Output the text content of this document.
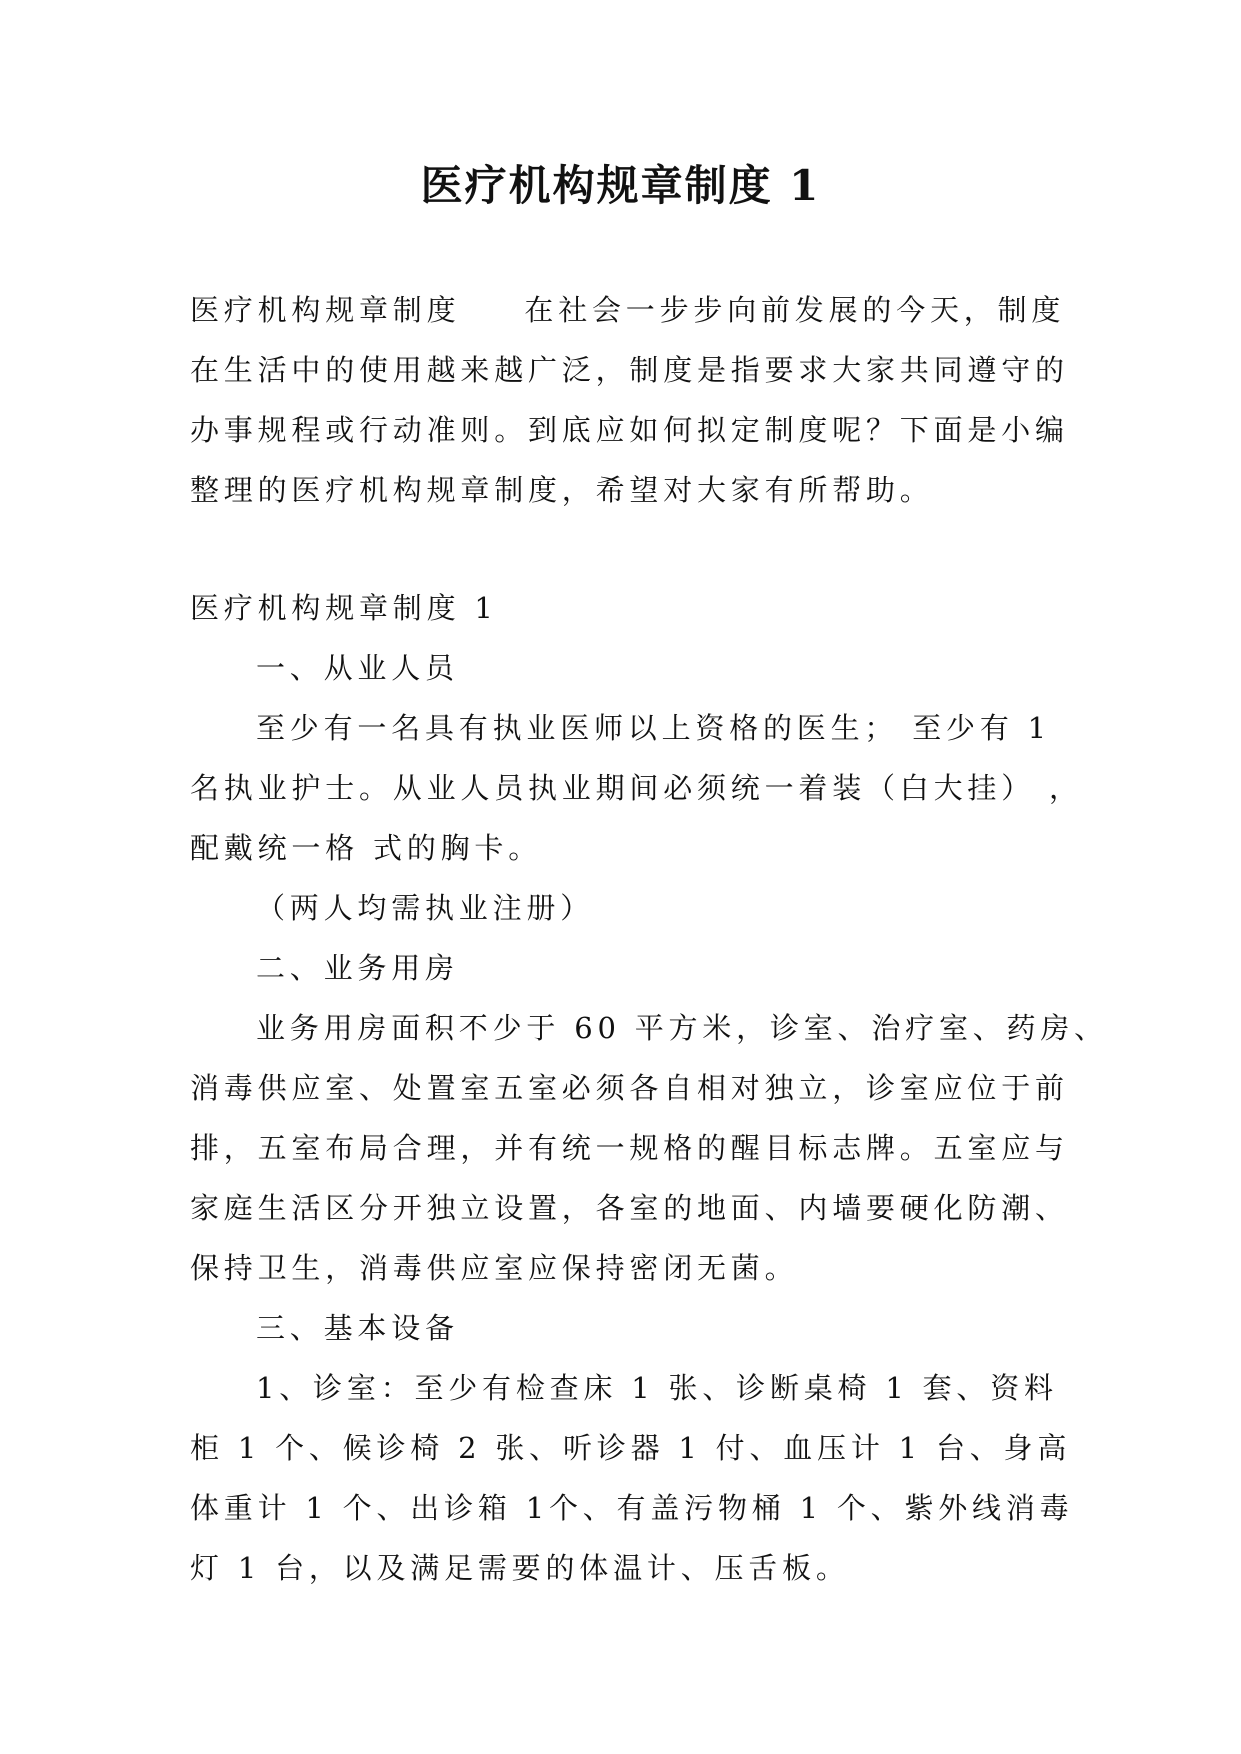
医疗机构规章制度 1
医疗机构规章制度 在社会一步步向前发展的今天，制度
在生活中的使用越来越广泛，制度是指要求大家共同遵守的
办事规程或行动准则。到底应如何拟定制度呢？下面是小编
整理的医疗机构规章制度，希望对大家有所帮助。
医疗机构规章制度 1
一、从业人员
至少有一名具有执业医师以上资格的医生； 至少有 1
名执业护士。从业人员执业期间必须统一着装（白大挂） ，
配戴统一格 式的胸卡。
（两人均需执业注册）
二、业务用房
业务用房面积不少于 60 平方米，诊室、治疗室、药房、
消毒供应室、处置室五室必须各自相对独立，诊室应位于前
排，五室布局合理，并有统一规格的醒目标志牌。五室应与
家庭生活区分开独立设置，各室的地面、内墙要硬化防潮、
保持卫生，消毒供应室应保持密闭无菌。
三、基本设备
1、诊室：至少有检查床 1 张、诊断桌椅 1 套、资料
柜 1 个、候诊椅 2 张、听诊器 1 付、血压计 1 台、身高
体重计 1 个、出诊箱 1个、有盖污物桶 1 个、紫外线消毒
灯 1 台，以及满足需要的体温计、压舌板。
